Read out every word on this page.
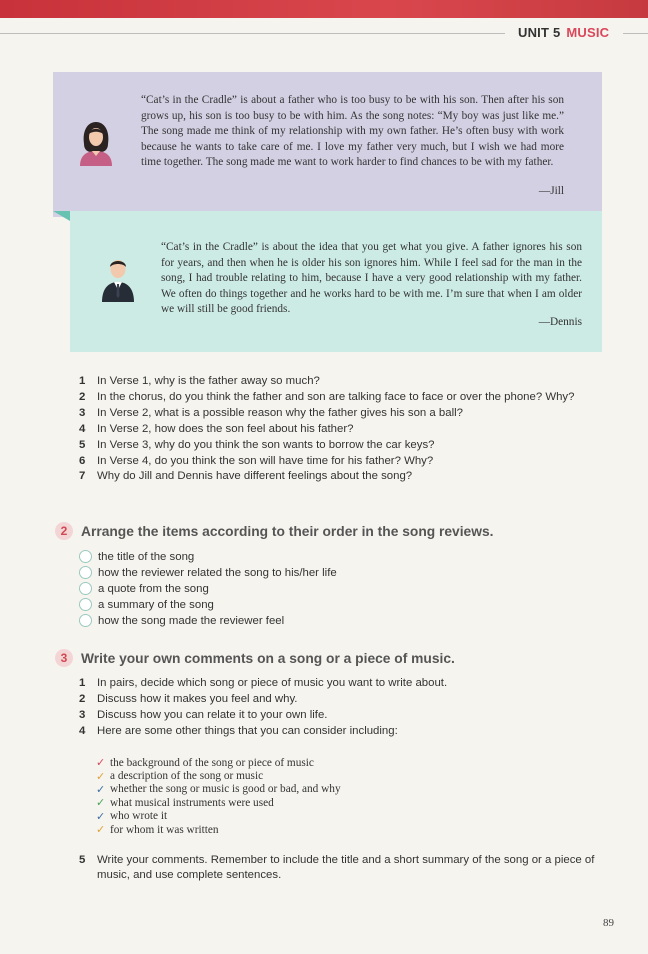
UNIT 5 MUSIC
“Cat’s in the Cradle” is about a father who is too busy to be with his son. Then after his son grows up, his son is too busy to be with him. As the song notes: “My boy was just like me.” The song made me think of my relationship with my own father. He’s often busy with work because he wants to take care of me. I love my father very much, but I wish we had more time together. The song made me want to work harder to find chances to be with my father.
—Jill
“Cat’s in the Cradle” is about the idea that you get what you give. A father ignores his son for years, and then when he is older his son ignores him. While I feel sad for the man in the song, I had trouble relating to him, because I have a very good relationship with my father. We often do things together and he works hard to be with me. I’m sure that when I am older we will still be good friends.
—Dennis
1	In Verse 1, why is the father away so much?
2	In the chorus, do you think the father and son are talking face to face or over the phone? Why?
3	In Verse 2, what is a possible reason why the father gives his son a ball?
4	In Verse 2, how does the son feel about his father?
5	In Verse 3, why do you think the son wants to borrow the car keys?
6	In Verse 4, do you think the son will have time for his father? Why?
7	Why do Jill and Dennis have different feelings about the song?
2 Arrange the items according to their order in the song reviews.
the title of the song
how the reviewer related the song to his/her life
a quote from the song
a summary of the song
how the song made the reviewer feel
3 Write your own comments on a song or a piece of music.
1	In pairs, decide which song or piece of music you want to write about.
2	Discuss how it makes you feel and why.
3	Discuss how you can relate it to your own life.
4	Here are some other things that you can consider including:
✓ the background of the song or piece of music
✓ a description of the song or music
✓ whether the song or music is good or bad, and why
✓ what musical instruments were used
✓ who wrote it
✓ for whom it was written
5	Write your comments. Remember to include the title and a short summary of the song or a piece of music, and use complete sentences.
89
